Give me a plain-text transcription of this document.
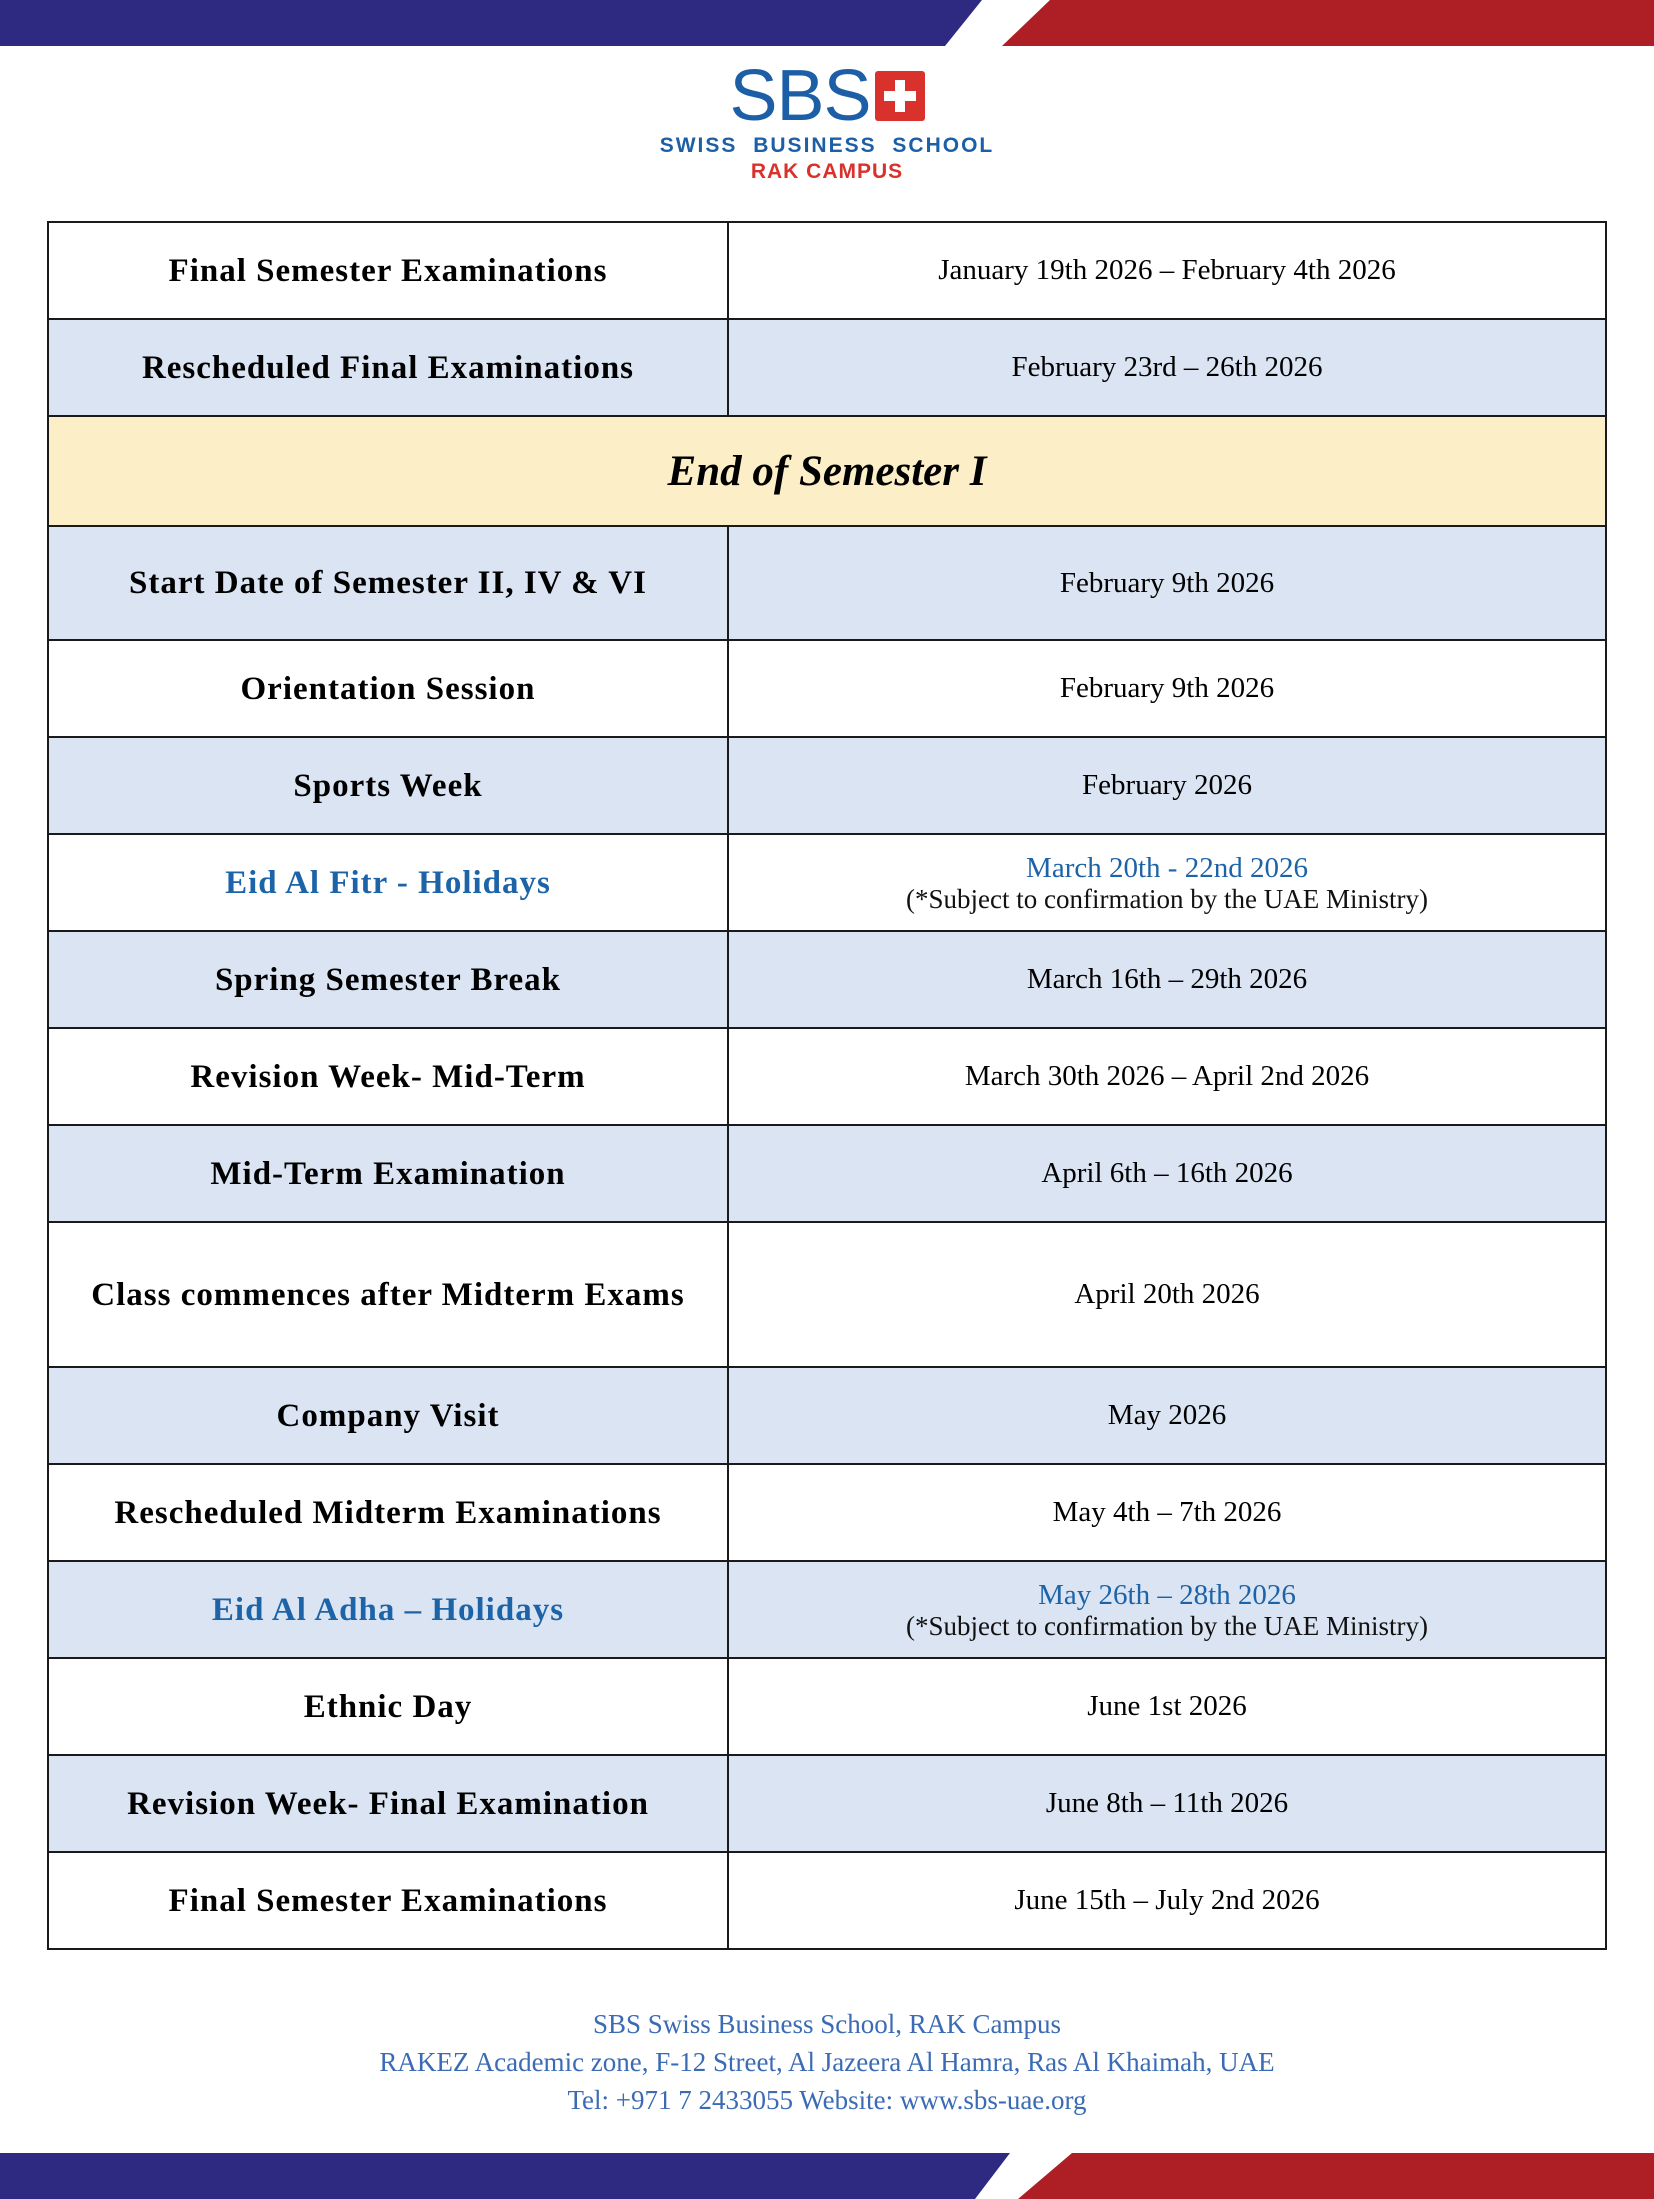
SBS
SWISS BUSINESS SCHOOL
RAK CAMPUS
Final Semester Examinations	January 19th 2026 – February 4th 2026
Rescheduled Final Examinations	February 23rd – 26th 2026
End of Semester I	
Start Date of Semester II, IV & VI	February 9th 2026
Orientation Session	February 9th 2026
Sports Week	February 2026
Eid Al Fitr - Holidays	March 20th - 22nd 2026
(*Subject to confirmation by the UAE Ministry)

Spring Semester Break	March 16th – 29th 2026
Revision Week- Mid-Term	March 30th 2026 – April 2nd 2026
Mid-Term Examination	April 6th – 16th 2026
Class commences after Midterm Exams	April 20th 2026
Company Visit	May 2026
Rescheduled Midterm Examinations	May 4th – 7th 2026
Eid Al Adha – Holidays	May 26th – 28th 2026
(*Subject to confirmation by the UAE Ministry)

Ethnic Day	June 1st 2026
Revision Week- Final Examination	June 8th – 11th 2026
Final Semester Examinations	June 15th – July 2nd 2026
SBS Swiss Business School, RAK Campus
RAKEZ Academic zone, F-12 Street, Al Jazeera Al Hamra, Ras Al Khaimah, UAE
Tel: +971 7 2433055 Website: www.sbs-uae.org
